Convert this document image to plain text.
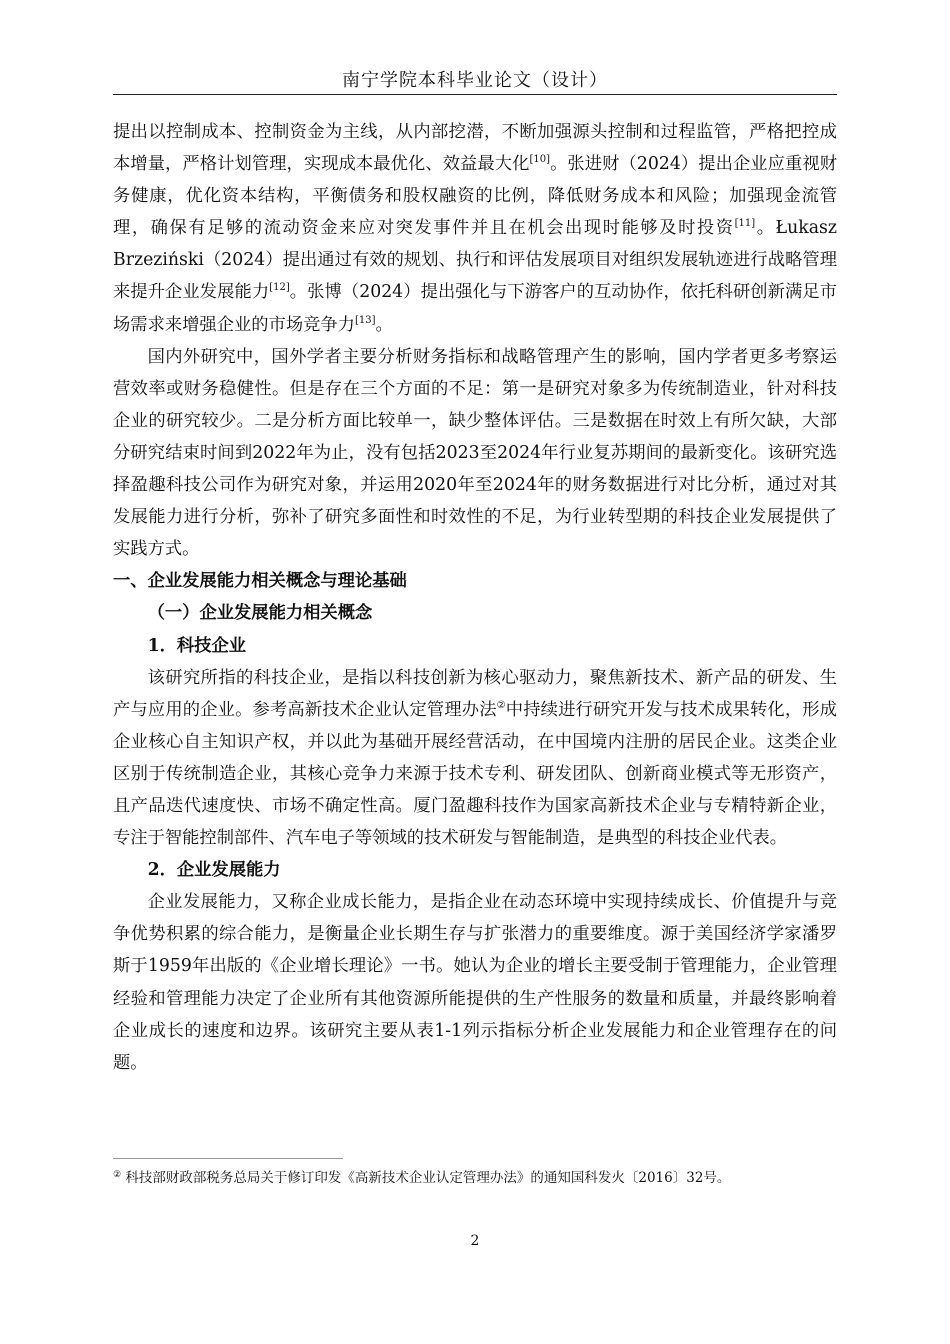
南宁学院本科毕业论文（设计）

提出以控制成本、控制资金为主线，从内部挖潜，不断加强源头控制和过程监管，严格把控成本增量，严格计划管理，实现成本最优化、效益最大化[10]。张进财（2024）提出企业应重视财务健康，优化资本结构，平衡债务和股权融资的比例，降低财务成本和风险；加强现金流管理，确保有足够的流动资金来应对突发事件并且在机会出现时能够及时投资[11]。Łukasz Brzeziński（2024）提出通过有效的规划、执行和评估发展项目对组织发展轨迹进行战略管理来提升企业发展能力[12]。张博（2024）提出强化与下游客户的互动协作，依托科研创新满足市场需求来增强企业的市场竞争力[13]。

国内外研究中，国外学者主要分析财务指标和战略管理产生的影响，国内学者更多考察运营效率或财务稳健性。但是存在三个方面的不足：第一是研究对象多为传统制造业，针对科技企业的研究较少。二是分析方面比较单一，缺少整体评估。三是数据在时效上有所欠缺，大部分研究结束时间到2022年为止，没有包括2023至2024年行业复苏期间的最新变化。该研究选择盈趣科技公司作为研究对象，并运用2020年至2024年的财务数据进行对比分析，通过对其发展能力进行分析，弥补了研究多面性和时效性的不足，为行业转型期的科技企业发展提供了实践方式。

一、企业发展能力相关概念与理论基础

（一）企业发展能力相关概念

1．科技企业

该研究所指的科技企业，是指以科技创新为核心驱动力，聚焦新技术、新产品的研发、生产与应用的企业。参考高新技术企业认定管理办法②中持续进行研究开发与技术成果转化，形成企业核心自主知识产权，并以此为基础开展经营活动，在中国境内注册的居民企业。这类企业区别于传统制造企业，其核心竞争力来源于技术专利、研发团队、创新商业模式等无形资产，且产品迭代速度快、市场不确定性高。厦门盈趣科技作为国家高新技术企业与专精特新企业，专注于智能控制部件、汽车电子等领域的技术研发与智能制造，是典型的科技企业代表。

2．企业发展能力

企业发展能力，又称企业成长能力，是指企业在动态环境中实现持续成长、价值提升与竞争优势积累的综合能力，是衡量企业长期生存与扩张潜力的重要维度。源于美国经济学家潘罗斯于1959年出版的《企业增长理论》一书。她认为企业的增长主要受制于管理能力，企业管理经验和管理能力决定了企业所有其他资源所能提供的生产性服务的数量和质量，并最终影响着企业成长的速度和边界。该研究主要从表1-1列示指标分析企业发展能力和企业管理存在的问题。

② 科技部财政部税务总局关于修订印发《高新技术企业认定管理办法》的通知国科发火〔2016〕32号。
2
